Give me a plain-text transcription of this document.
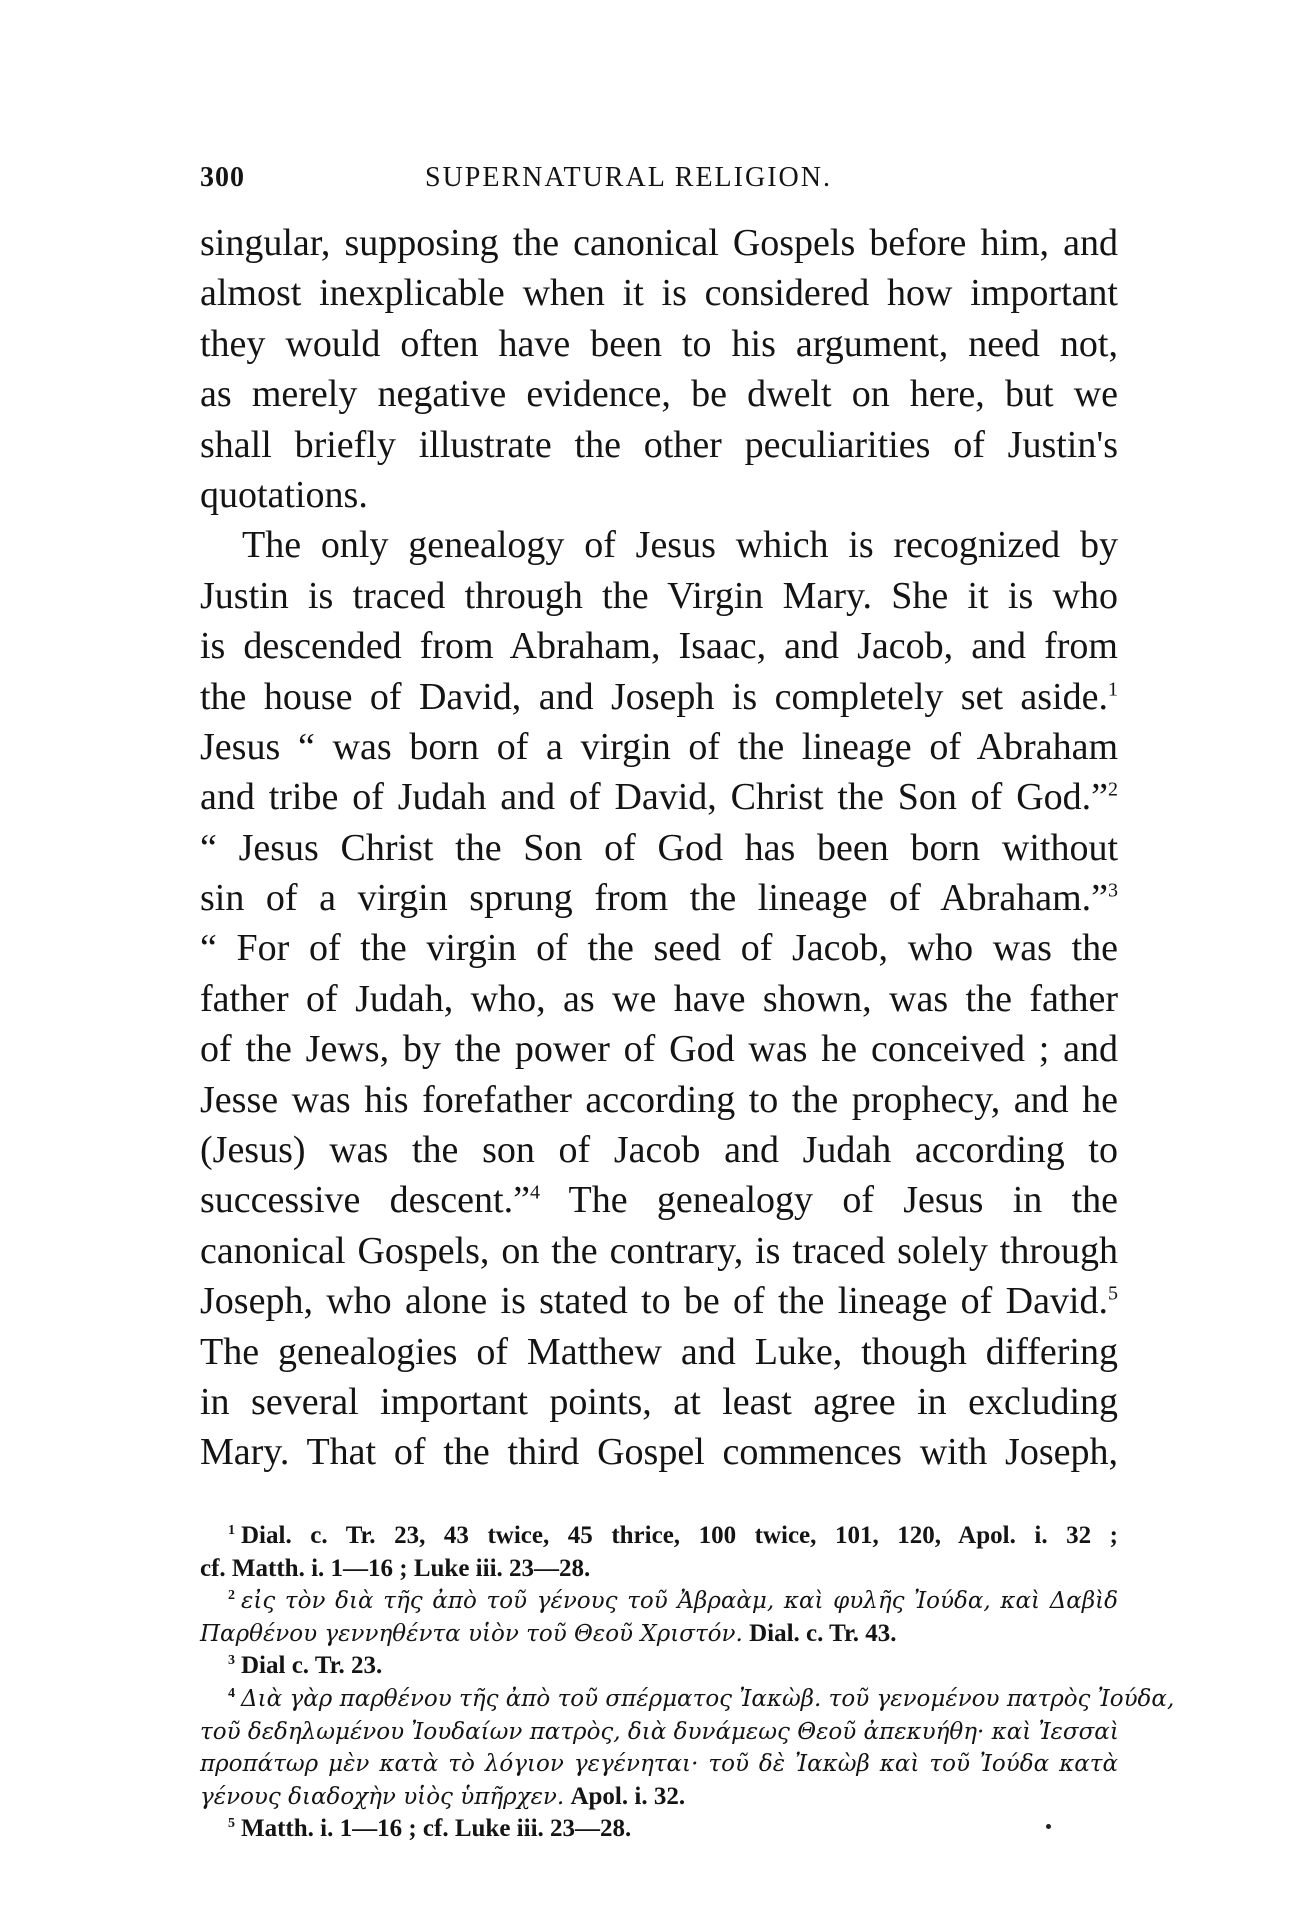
300	SUPERNATURAL RELIGION.
singular, supposing the canonical Gospels before him, and
almost inexplicable when it is considered how important
they would often have been to his argument, need not,
as merely negative evidence, be dwelt on here, but we
shall briefly illustrate the other peculiarities of Justin's
quotations.
The only genealogy of Jesus which is recognized by
Justin is traced through the Virgin Mary. She it is who
is descended from Abraham, Isaac, and Jacob, and from
the house of David, and Joseph is completely set aside.$^1$
Jesus “ was born of a virgin of the lineage of Abraham
and tribe of Judah and of David, Christ the Son of God.”$^2$
“ Jesus Christ the Son of God has been born without
sin of a virgin sprung from the lineage of Abraham.”$^3$
“ For of the virgin of the seed of Jacob, who was the
father of Judah, who, as we have shown, was the father
of the Jews, by the power of God was he conceived ; and
Jesse was his forefather according to the prophecy, and he
(Jesus) was the son of Jacob and Judah according to
successive descent.”$^4$ The genealogy of Jesus in the
canonical Gospels, on the contrary, is traced solely through
Joseph, who alone is stated to be of the lineage of David.$^5$
The genealogies of Matthew and Luke, though differing
in several important points, at least agree in excluding
Mary. That of the third Gospel commences with Joseph,
$^1$ Dial. c. Tr. 23, 43 twice, 45 thrice, 100 twice, 101, 120, Apol. i. 32 ;
cf. Matth. i. 1—16 ; Luke iii. 23—28.
$^2$ εἰς τὸν διὰ τῆς ἀπὸ τοῦ γένους τοῦ Ἀβραὰμ, καὶ φυλῆς Ἰούδα, καὶ Δαβὶδ
Παρθένου γεννηθέντα υἱὸν τοῦ Θεοῦ Χριστόν. Dial. c. Tr. 43.
$^3$ Dial c. Tr. 23.
$^4$ Διὰ γὰρ παρθένου τῆς ἀπὸ τοῦ σπέρματος Ἰακὼβ. τοῦ γενομένου πατρὸς Ἰούδα,
τοῦ δεδηλωμένου Ἰουδαίων πατρὸς, διὰ δυνάμεως Θεοῦ ἀπεκυήθη· καὶ Ἰεσσαὶ
προπάτωρ μὲν κατὰ τὸ λόγιον γεγένηται· τοῦ δὲ Ἰακὼβ καὶ τοῦ Ἰούδα κατὰ
γένους διαδοχὴν υἱὸς ὑπῆρχεν. Apol. i. 32.
$^5$ Matth. i. 1—16 ; cf. Luke iii. 23—28.
